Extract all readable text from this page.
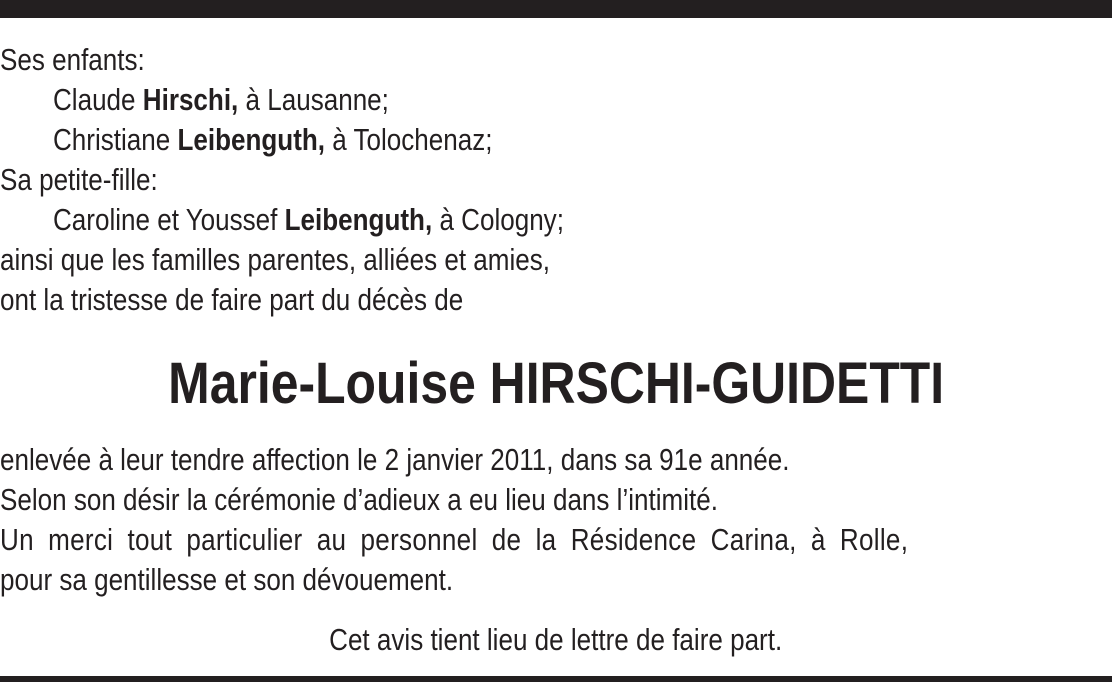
Ses enfants:
Claude Hirschi, à Lausanne;
Christiane Leibenguth, à Tolochenaz;
Sa petite-fille:
Caroline et Youssef Leibenguth, à Cologny;
ainsi que les familles parentes, alliées et amies,
ont la tristesse de faire part du décès de
Marie-Louise HIRSCHI-GUIDETTI
enlevée à leur tendre affection le 2 janvier 2011, dans sa 91e année.
Selon son désir la cérémonie d’adieux a eu lieu dans l’intimité.
Un merci tout particulier au personnel de la Résidence Carina, à Rolle,
pour sa gentillesse et son dévouement.
Cet avis tient lieu de lettre de faire part.
